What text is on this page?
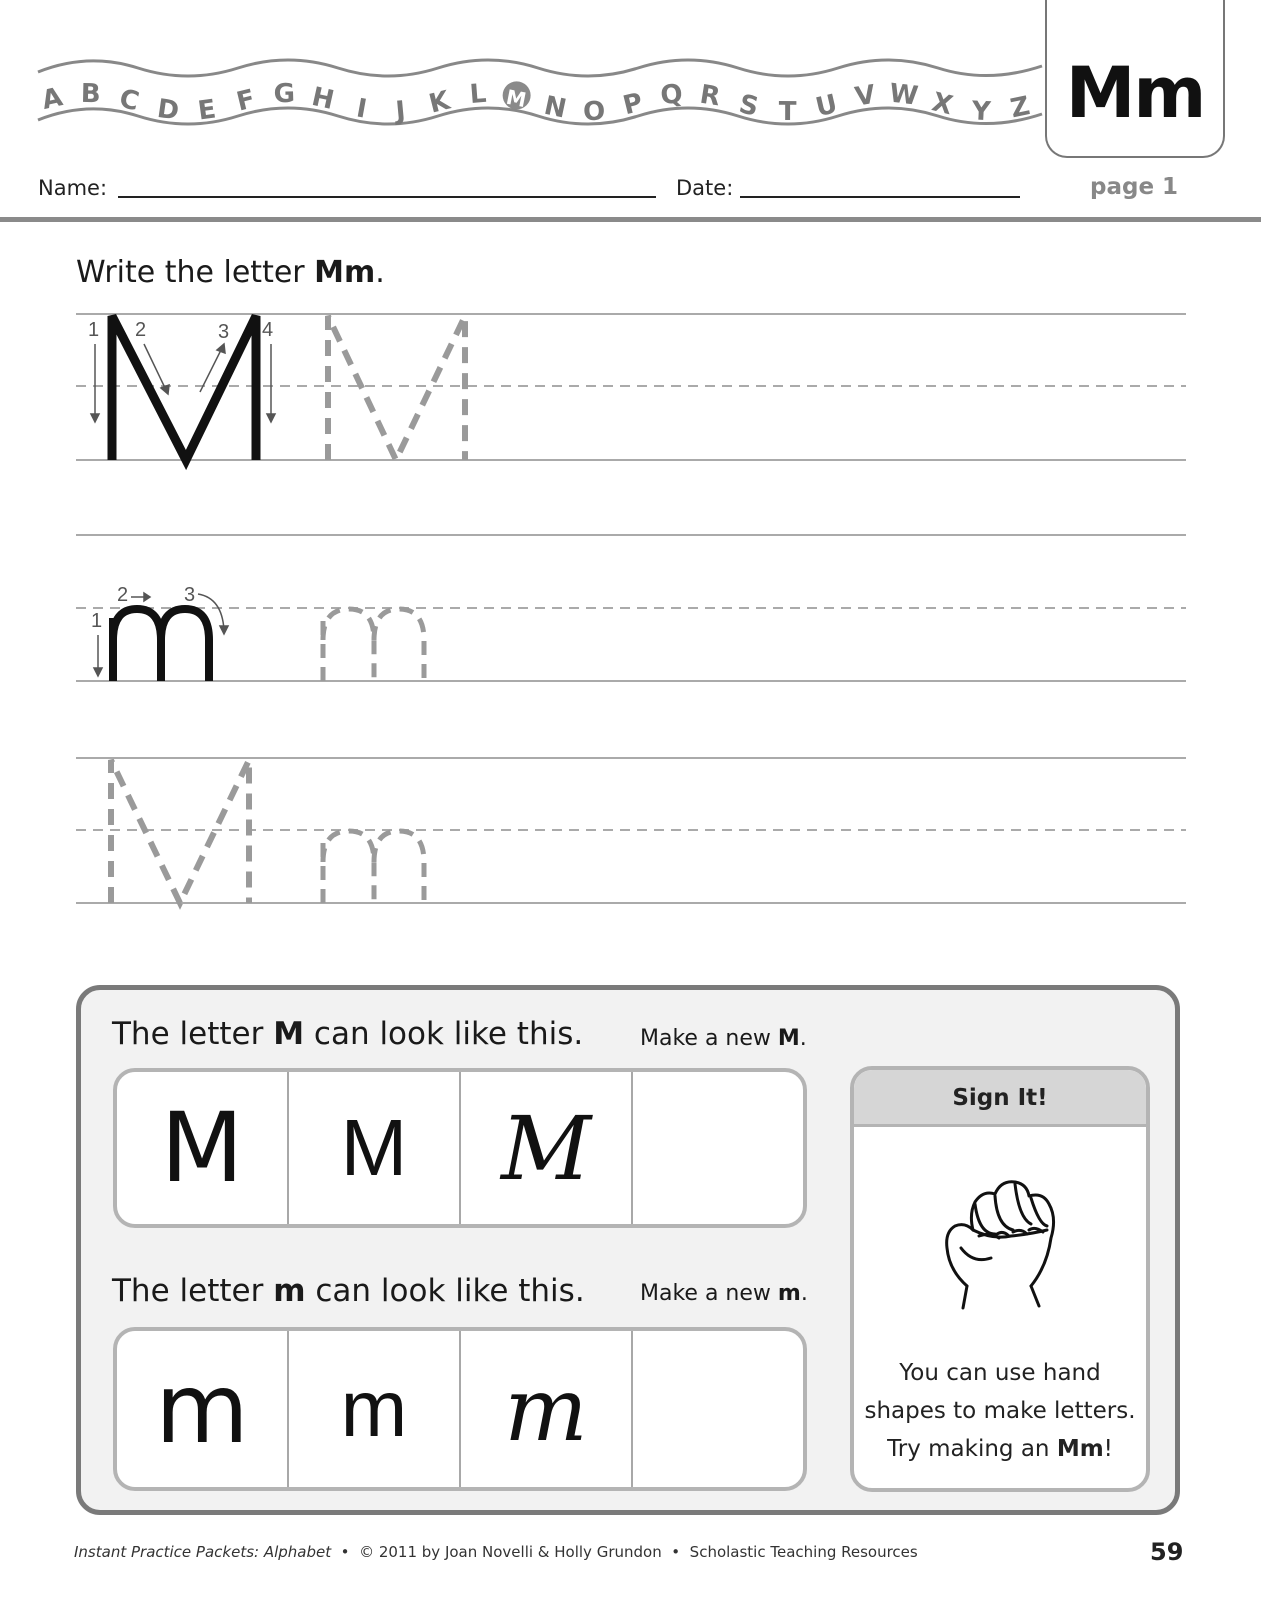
A B C D E F G H I J K L M N O P Q R S T U V W X Y Z Mm
Name:	Date:	page 1
Write the letter Mm.
1 2	3 4
1
2	3
The letter M can look like this.	Make a new M.
M	M	M
The letter m can look like this.	Make a new m.
m	m	m
Sign It!
You can use hand
shapes to make letters.
Try making an Mm!
Instant Practice Packets: Alphabet  •  © 2011 by Joan Novelli & Holly Grundon  •  Scholastic Teaching Resources	59
